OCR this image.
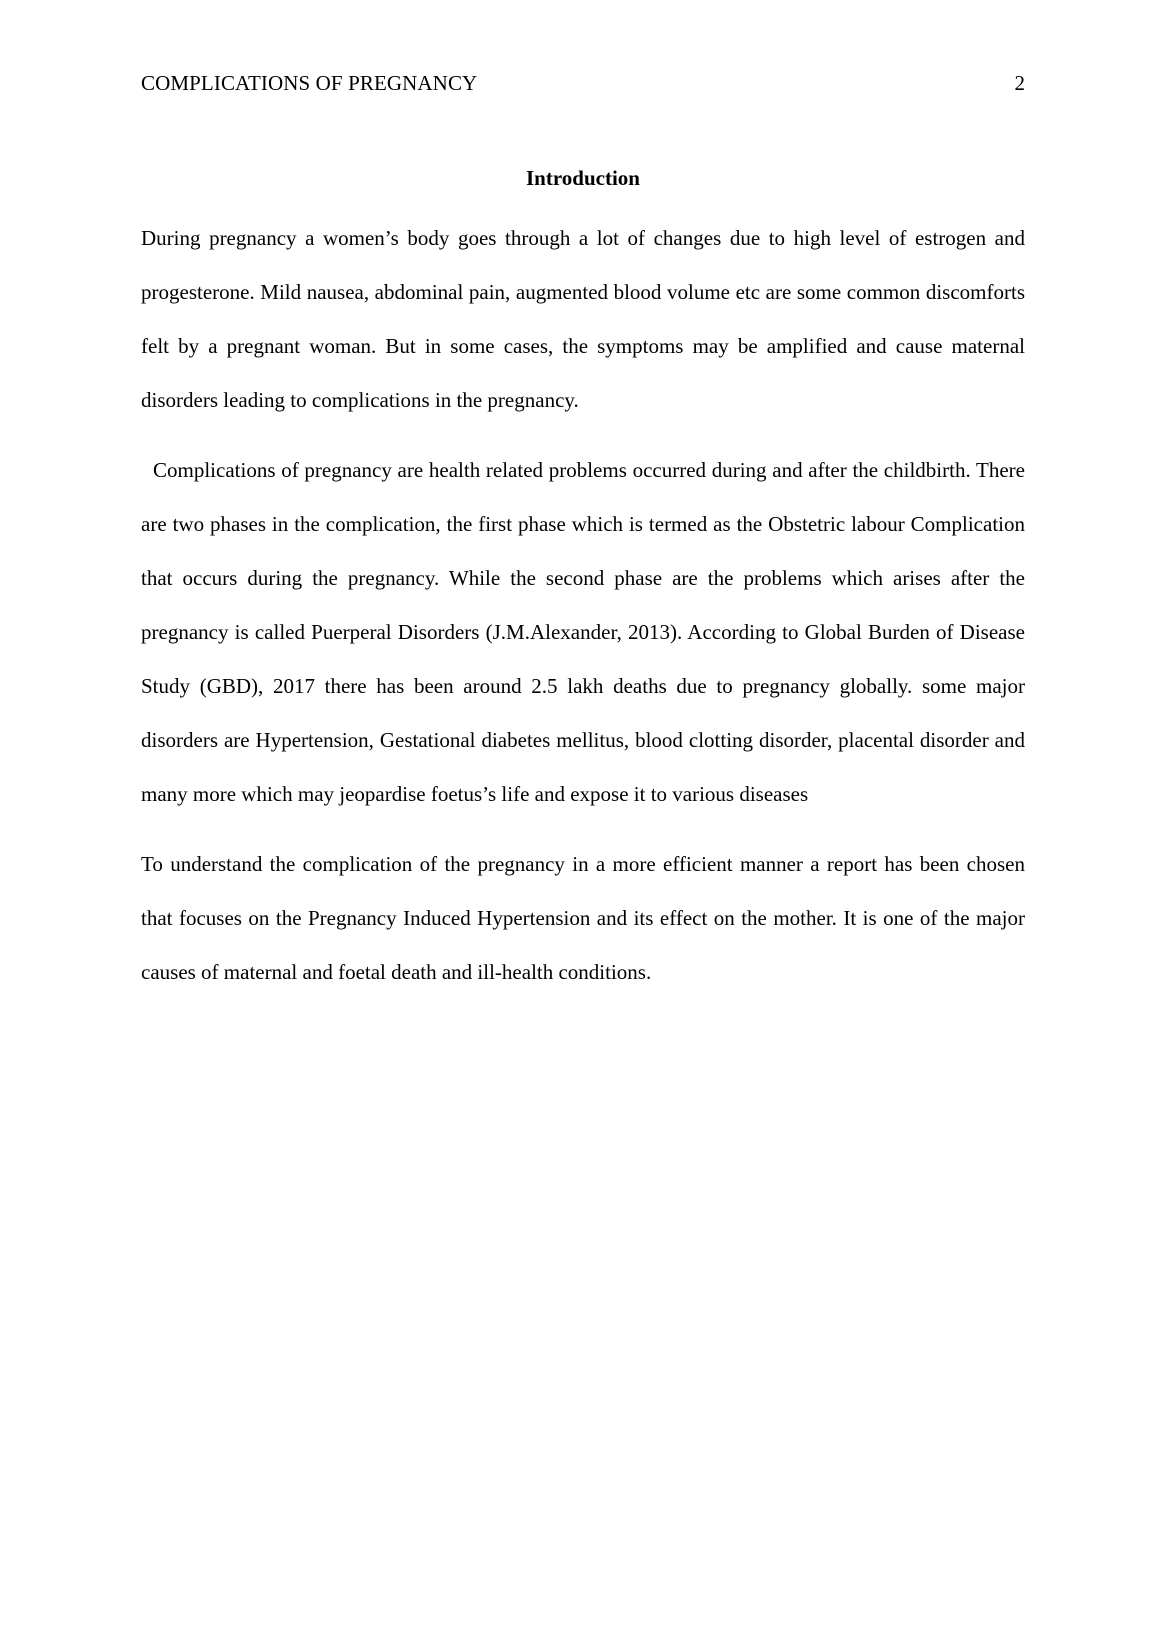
COMPLICATIONS OF PREGNANCY	2
Introduction

During pregnancy a women’s body goes through a lot of changes due to high level of estrogen and progesterone. Mild nausea, abdominal pain, augmented blood volume etc are some common discomforts felt by a pregnant woman. But in some cases, the symptoms may be amplified and cause maternal disorders leading to complications in the pregnancy.

Complications of pregnancy are health related problems occurred during and after the childbirth. There are two phases in the complication, the first phase which is termed as the Obstetric labour Complication that occurs during the pregnancy. While the second phase are the problems which arises after the pregnancy is called Puerperal Disorders (J.M.Alexander, 2013). According to Global Burden of Disease Study (GBD), 2017 there has been around 2.5 lakh deaths due to pregnancy globally. some major disorders are Hypertension, Gestational diabetes mellitus, blood clotting disorder, placental disorder and many more which may jeopardise foetus’s life and expose it to various diseases

To understand the complication of the pregnancy in a more efficient manner a report has been chosen that focuses on the Pregnancy Induced Hypertension and its effect on the mother. It is one of the major causes of maternal and foetal death and ill-health conditions.
